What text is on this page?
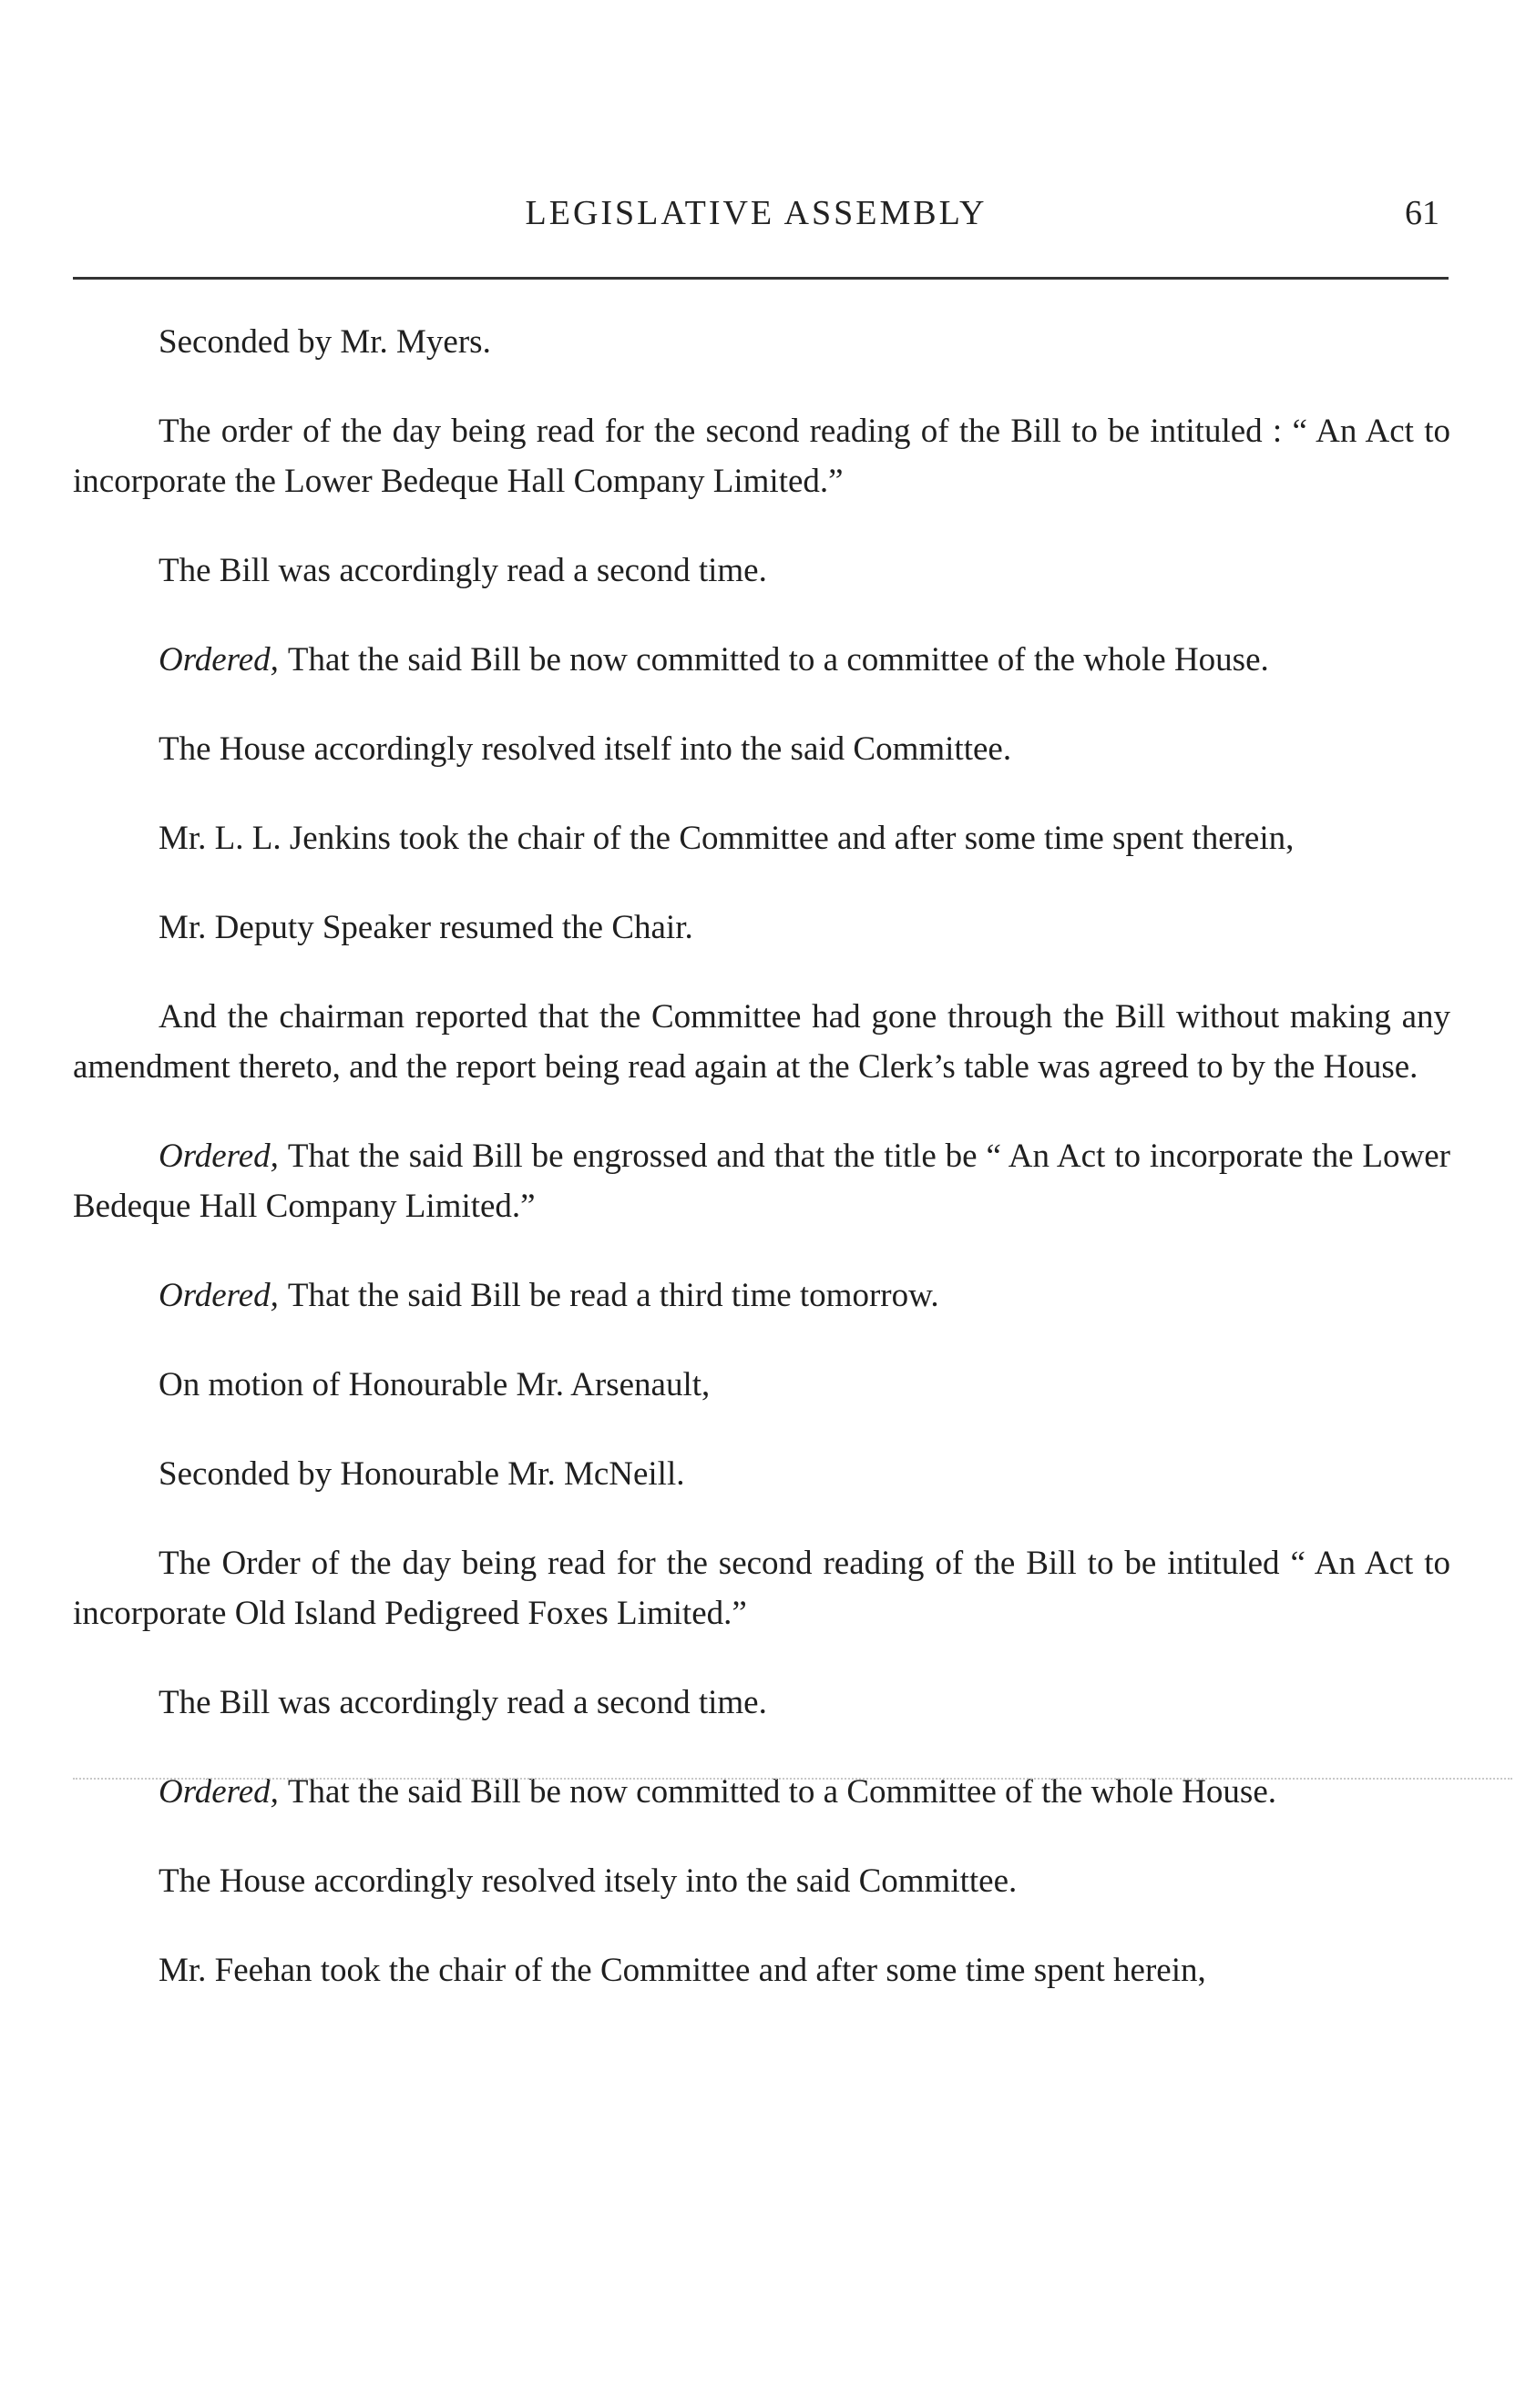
LEGISLATIVE ASSEMBLY	61

Seconded by Mr. Myers.

The order of the day being read for the second reading of the Bill to be intituled : “ An Act to incorporate the Lower Bedeque Hall Company Limited.”

The Bill was accordingly read a second time.

Ordered, That the said Bill be now committed to a committee of the whole House.

The House accordingly resolved itself into the said Committee.

Mr. L. L. Jenkins took the chair of the Committee and after some time spent therein,

Mr. Deputy Speaker resumed the Chair.

And the chairman reported that the Committee had gone through the Bill without making any amendment thereto, and the report being read again at the Clerk’s table was agreed to by the House.

Ordered, That the said Bill be engrossed and that the title be “ An Act to incorporate the Lower Bedeque Hall Company Limited.”

Ordered, That the said Bill be read a third time tomorrow.

On motion of Honourable Mr. Arsenault,

Seconded by Honourable Mr. McNeill.

The Order of the day being read for the second reading of the Bill to be intituled “ An Act to incorporate Old Island Pedigreed Foxes Limited.”

The Bill was accordingly read a second time.

Ordered, That the said Bill be now committed to a Committee of the whole House.

The House accordingly resolved itsely into the said Committee.

Mr. Feehan took the chair of the Committee and after some time spent herein,
